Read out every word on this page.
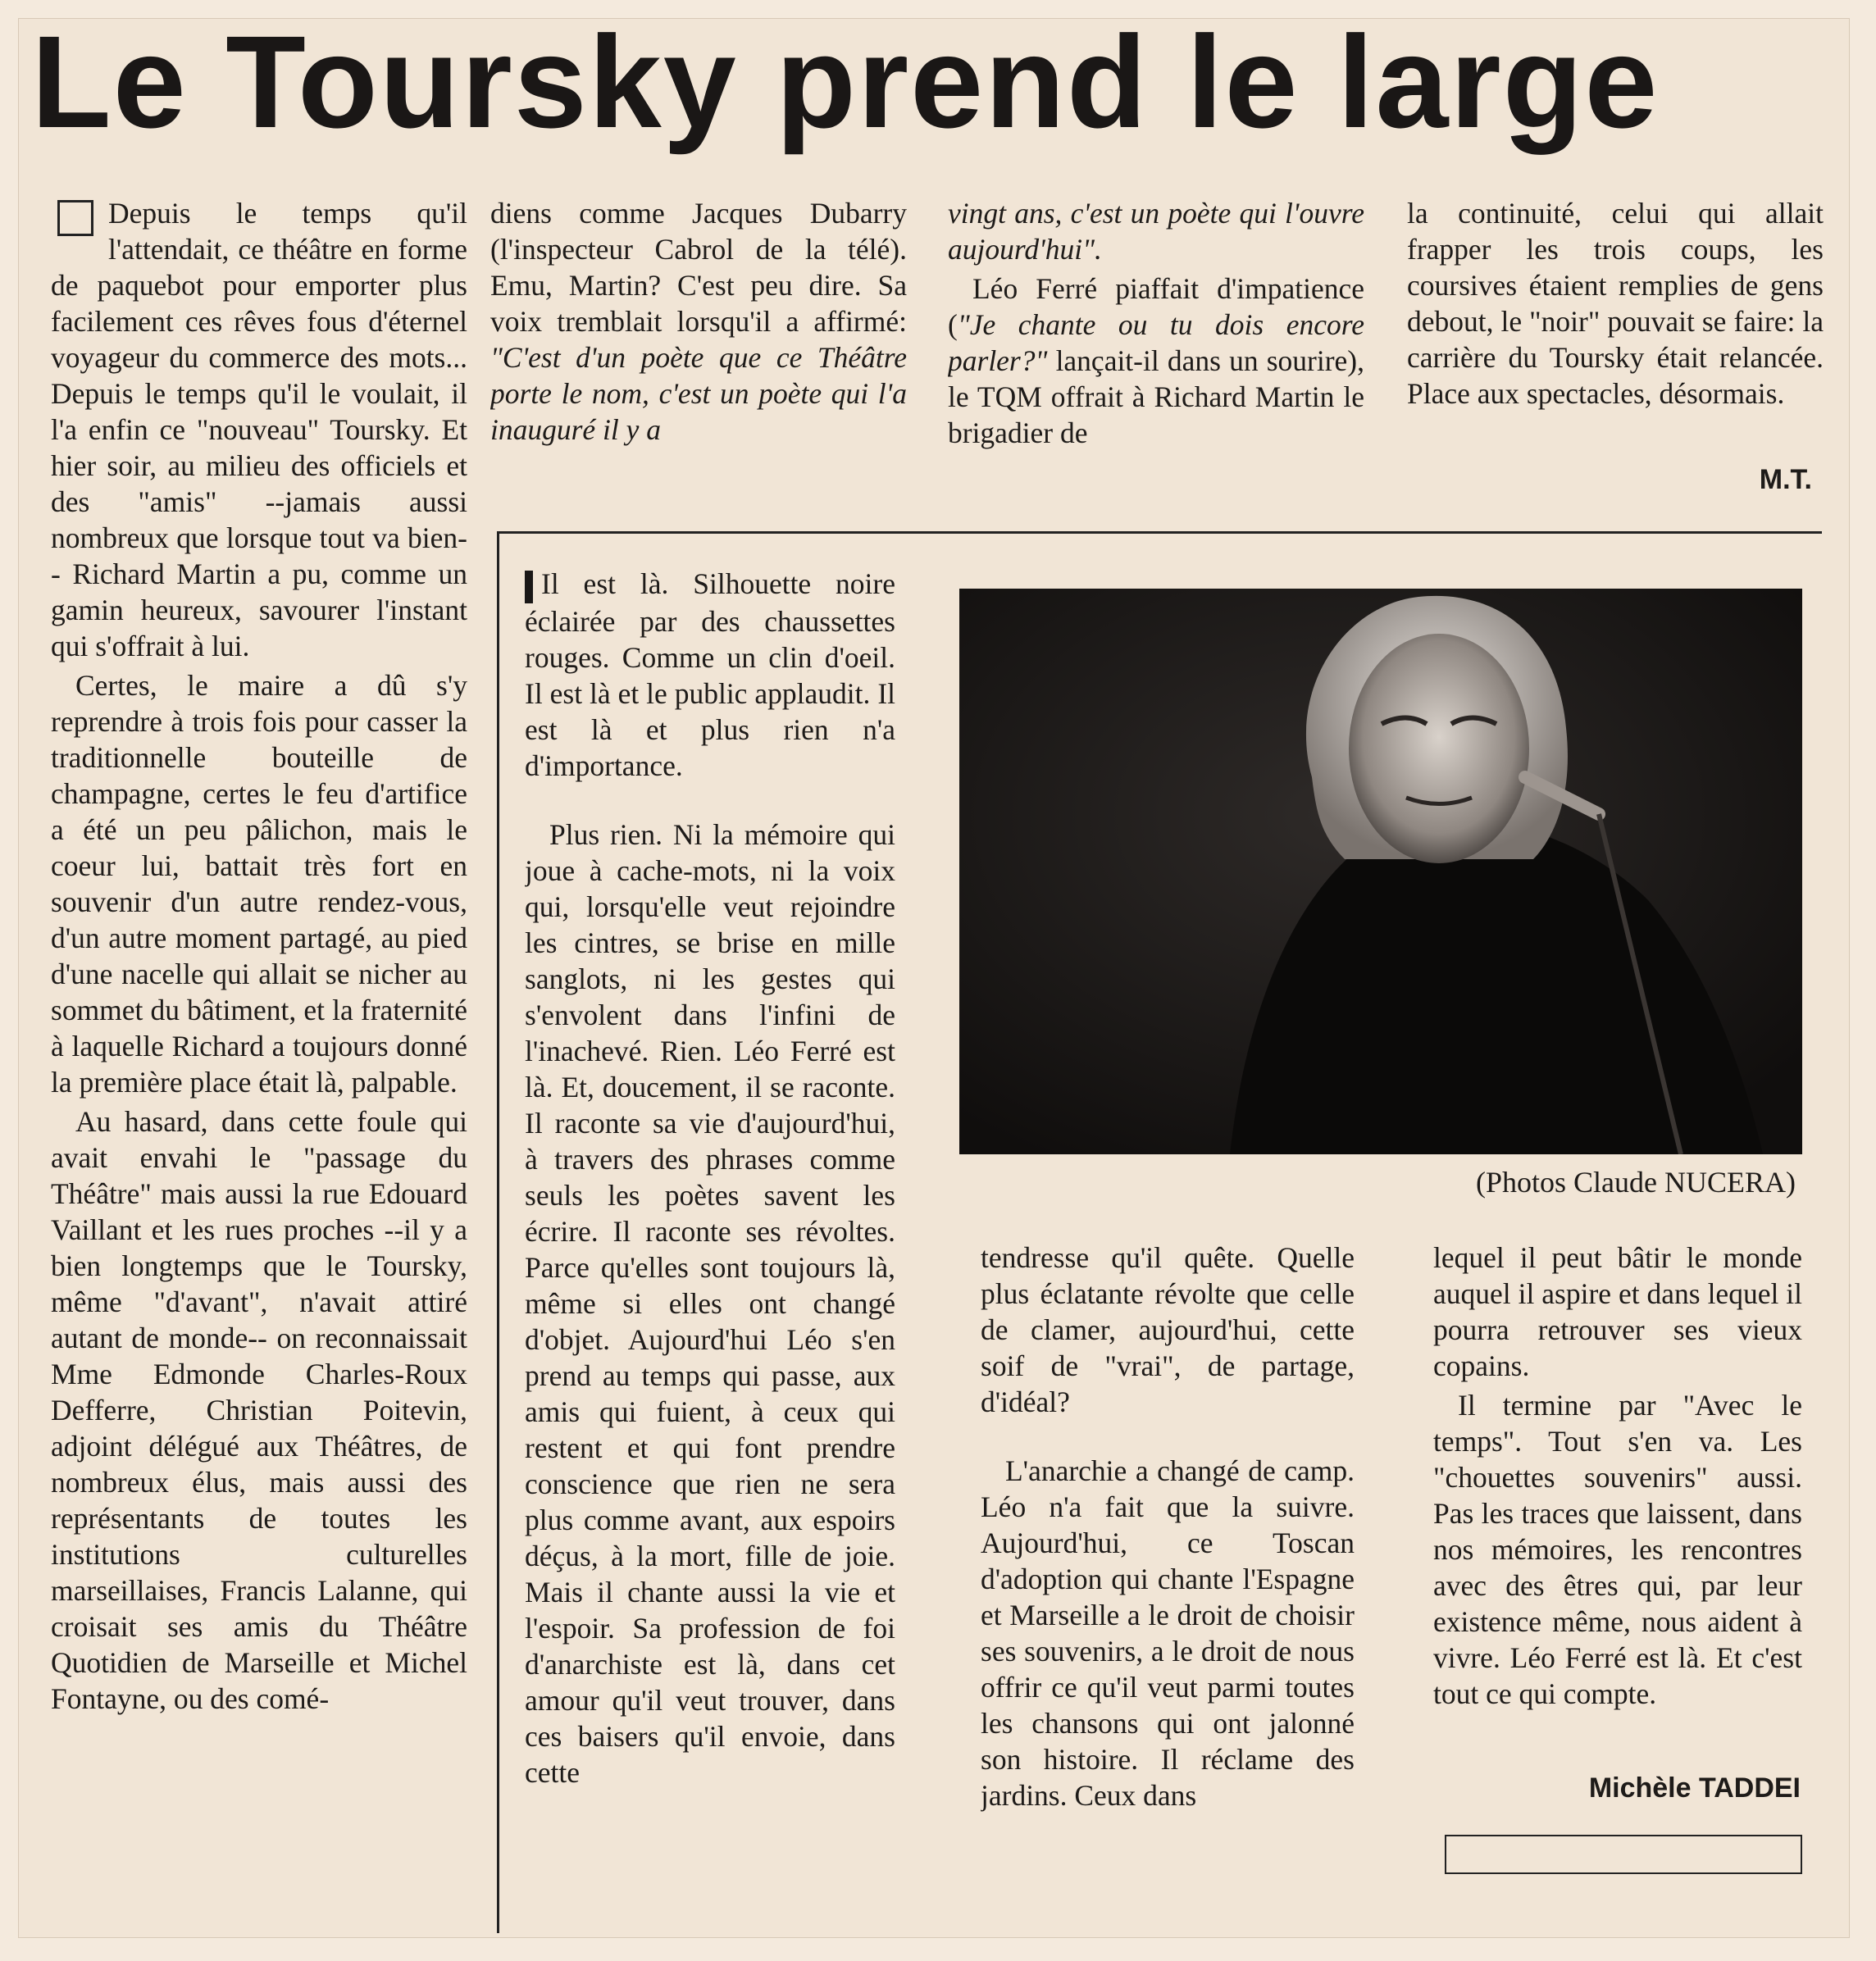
Le Toursky prend le large

Depuis le temps qu'il l'attendait, ce théâtre en forme de paquebot pour emporter plus facilement ces rêves fous d'éternel voyageur du commerce des mots... Depuis le temps qu'il le voulait, il l'a enfin ce "nouveau" Toursky. Et hier soir, au milieu des officiels et des "amis" --jamais aussi nombreux que lorsque tout va bien-- Richard Martin a pu, comme un gamin heureux, savourer l'instant qui s'offrait à lui.

Certes, le maire a dû s'y reprendre à trois fois pour casser la traditionnelle bouteille de champagne, certes le feu d'artifice a été un peu pâlichon, mais le coeur lui, battait très fort en souvenir d'un autre rendez-vous, d'un autre moment partagé, au pied d'une nacelle qui allait se nicher au sommet du bâtiment, et la fraternité à laquelle Richard a toujours donné la première place était là, palpable.

Au hasard, dans cette foule qui avait envahi le "passage du Théâtre" mais aussi la rue Edouard Vaillant et les rues proches --il y a bien longtemps que le Toursky, même "d'avant", n'avait attiré autant de monde-- on reconnaissait Mme Edmonde Charles-Roux Defferre, Christian Poitevin, adjoint délégué aux Théâtres, de nombreux élus, mais aussi des représentants de toutes les institutions culturelles marseillaises, Francis Lalanne, qui croisait ses amis du Théâtre Quotidien de Marseille et Michel Fontayne, ou des comé-

diens comme Jacques Dubarry (l'inspecteur Cabrol de la télé). Emu, Martin? C'est peu dire. Sa voix tremblait lorsqu'il a affirmé: "C'est d'un poète que ce Théâtre porte le nom, c'est un poète qui l'a inauguré il y a

vingt ans, c'est un poète qui l'ouvre aujourd'hui".

Léo Ferré piaffait d'impatience ("Je chante ou tu dois encore parler?" lançait-il dans un sourire), le TQM offrait à Richard Martin le brigadier de

la continuité, celui qui allait frapper les trois coups, les coursives étaient remplies de gens debout, le "noir" pouvait se faire: la carrière du Toursky était relancée. Place aux spectacles, désormais.

M.T.

Il est là. Silhouette noire éclairée par des chaussettes rouges. Comme un clin d'oeil. Il est là et le public applaudit. Il est là et plus rien n'a d'importance.

Plus rien. Ni la mémoire qui joue à cache-mots, ni la voix qui, lorsqu'elle veut rejoindre les cintres, se brise en mille sanglots, ni les gestes qui s'envolent dans l'infini de l'inachevé. Rien. Léo Ferré est là. Et, doucement, il se raconte. Il raconte sa vie d'aujourd'hui, à travers des phrases comme seuls les poètes savent les écrire. Il raconte ses révoltes. Parce qu'elles sont toujours là, même si elles ont changé d'objet. Aujourd'hui Léo s'en prend au temps qui passe, aux amis qui fuient, à ceux qui restent et qui font prendre conscience que rien ne sera plus comme avant, aux espoirs déçus, à la mort, fille de joie. Mais il chante aussi la vie et l'espoir. Sa profession de foi d'anarchiste est là, dans cet amour qu'il veut trouver, dans ces baisers qu'il envoie, dans cette

(Photos Claude NUCERA)

tendresse qu'il quête. Quelle plus éclatante révolte que celle de clamer, aujourd'hui, cette soif de "vrai", de partage, d'idéal?

L'anarchie a changé de camp. Léo n'a fait que la suivre. Aujourd'hui, ce Toscan d'adoption qui chante l'Espagne et Marseille a le droit de choisir ses souvenirs, a le droit de nous offrir ce qu'il veut parmi toutes les chansons qui ont jalonné son histoire. Il réclame des jardins. Ceux dans

lequel il peut bâtir le monde auquel il aspire et dans lequel il pourra retrouver ses vieux copains.

Il termine par "Avec le temps". Tout s'en va. Les "chouettes souvenirs" aussi. Pas les traces que laissent, dans nos mémoires, les rencontres avec des êtres qui, par leur existence même, nous aident à vivre. Léo Ferré est là. Et c'est tout ce qui compte.

Michèle TADDEI
